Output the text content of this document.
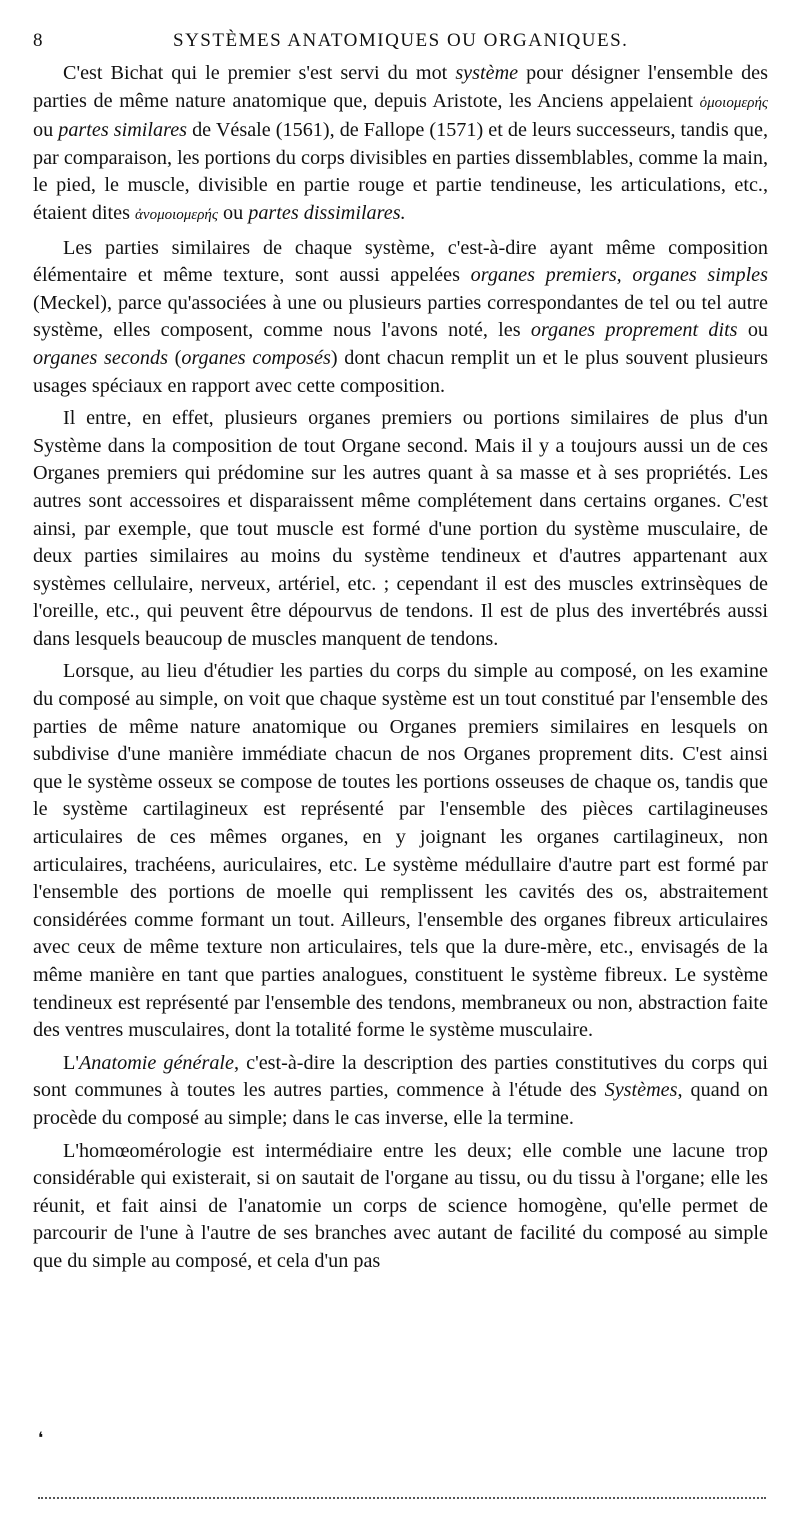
8	SYSTÈMES ANATOMIQUES OU ORGANIQUES.

C'est Bichat qui le premier s'est servi du mot système pour désigner l'ensemble des parties de même nature anatomique que, depuis Aristote, les Anciens appelaient ὁμοιομερής ou partes similares de Vésale (1561), de Fallope (1571) et de leurs successeurs, tandis que, par comparaison, les portions du corps divisibles en parties dissemblables, comme la main, le pied, le muscle, divisible en partie rouge et partie tendineuse, les articulations, etc., étaient dites ἀνομοιομερής ou partes dissimilares.

Les parties similaires de chaque système, c'est-à-dire ayant même composition élémentaire et même texture, sont aussi appelées organes premiers, organes simples (Meckel), parce qu'associées à une ou plusieurs parties correspondantes de tel ou tel autre système, elles composent, comme nous l'avons noté, les organes proprement dits ou organes seconds (organes composés) dont chacun remplit un et le plus souvent plusieurs usages spéciaux en rapport avec cette composition.

Il entre, en effet, plusieurs organes premiers ou portions similaires de plus d'un Système dans la composition de tout Organe second. Mais il y a toujours aussi un de ces Organes premiers qui prédomine sur les autres quant à sa masse et à ses propriétés. Les autres sont accessoires et disparaissent même complétement dans certains organes. C'est ainsi, par exemple, que tout muscle est formé d'une portion du système musculaire, de deux parties similaires au moins du système tendineux et d'autres appartenant aux systèmes cellulaire, nerveux, artériel, etc. ; cependant il est des muscles extrinsèques de l'oreille, etc., qui peuvent être dépourvus de tendons. Il est de plus des invertébrés aussi dans lesquels beaucoup de muscles manquent de tendons.

Lorsque, au lieu d'étudier les parties du corps du simple au composé, on les examine du composé au simple, on voit que chaque système est un tout constitué par l'ensemble des parties de même nature anatomique ou Organes premiers similaires en lesquels on subdivise d'une manière immédiate chacun de nos Organes proprement dits. C'est ainsi que le système osseux se compose de toutes les portions osseuses de chaque os, tandis que le système cartilagineux est représenté par l'ensemble des pièces cartilagineuses articulaires de ces mêmes organes, en y joignant les organes cartilagineux, non articulaires, trachéens, auriculaires, etc. Le système médullaire d'autre part est formé par l'ensemble des portions de moelle qui remplissent les cavités des os, abstraitement considérées comme formant un tout. Ailleurs, l'ensemble des organes fibreux articulaires avec ceux de même texture non articulaires, tels que la dure-mère, etc., envisagés de la même manière en tant que parties analogues, constituent le système fibreux. Le système tendineux est représenté par l'ensemble des tendons, membraneux ou non, abstraction faite des ventres musculaires, dont la totalité forme le système musculaire.

L'Anatomie générale, c'est-à-dire la description des parties constitutives du corps qui sont communes à toutes les autres parties, commence à l'étude des Systèmes, quand on procède du composé au simple; dans le cas inverse, elle la termine.

L'homœomérologie est intermédiaire entre les deux; elle comble une lacune trop considérable qui existerait, si on sautait de l'organe au tissu, ou du tissu à l'organe; elle les réunit, et fait ainsi de l'anatomie un corps de science homogène, qu'elle permet de parcourir de l'une à l'autre de ses branches avec autant de facilité du composé au simple que du simple au composé, et cela d'un pas

❛
